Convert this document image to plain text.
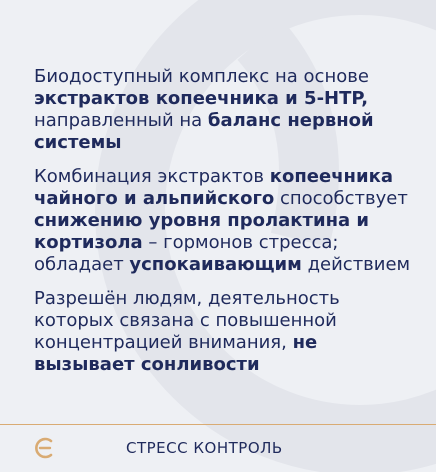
Биодоступный комплекс на основе экстрактов копеечника и 5-HTP, направленный на баланс нервной системы

Комбинация экстрактов копеечника чайного и альпийского способствует снижению уровня пролактина и кортизола – гормонов стресса; обладает успокаивающим действием

Разрешён людям, деятельность которых связана с повышенной концентрацией внимания, не вызывает сонливости

СТРЕСС КОНТРОЛЬ
